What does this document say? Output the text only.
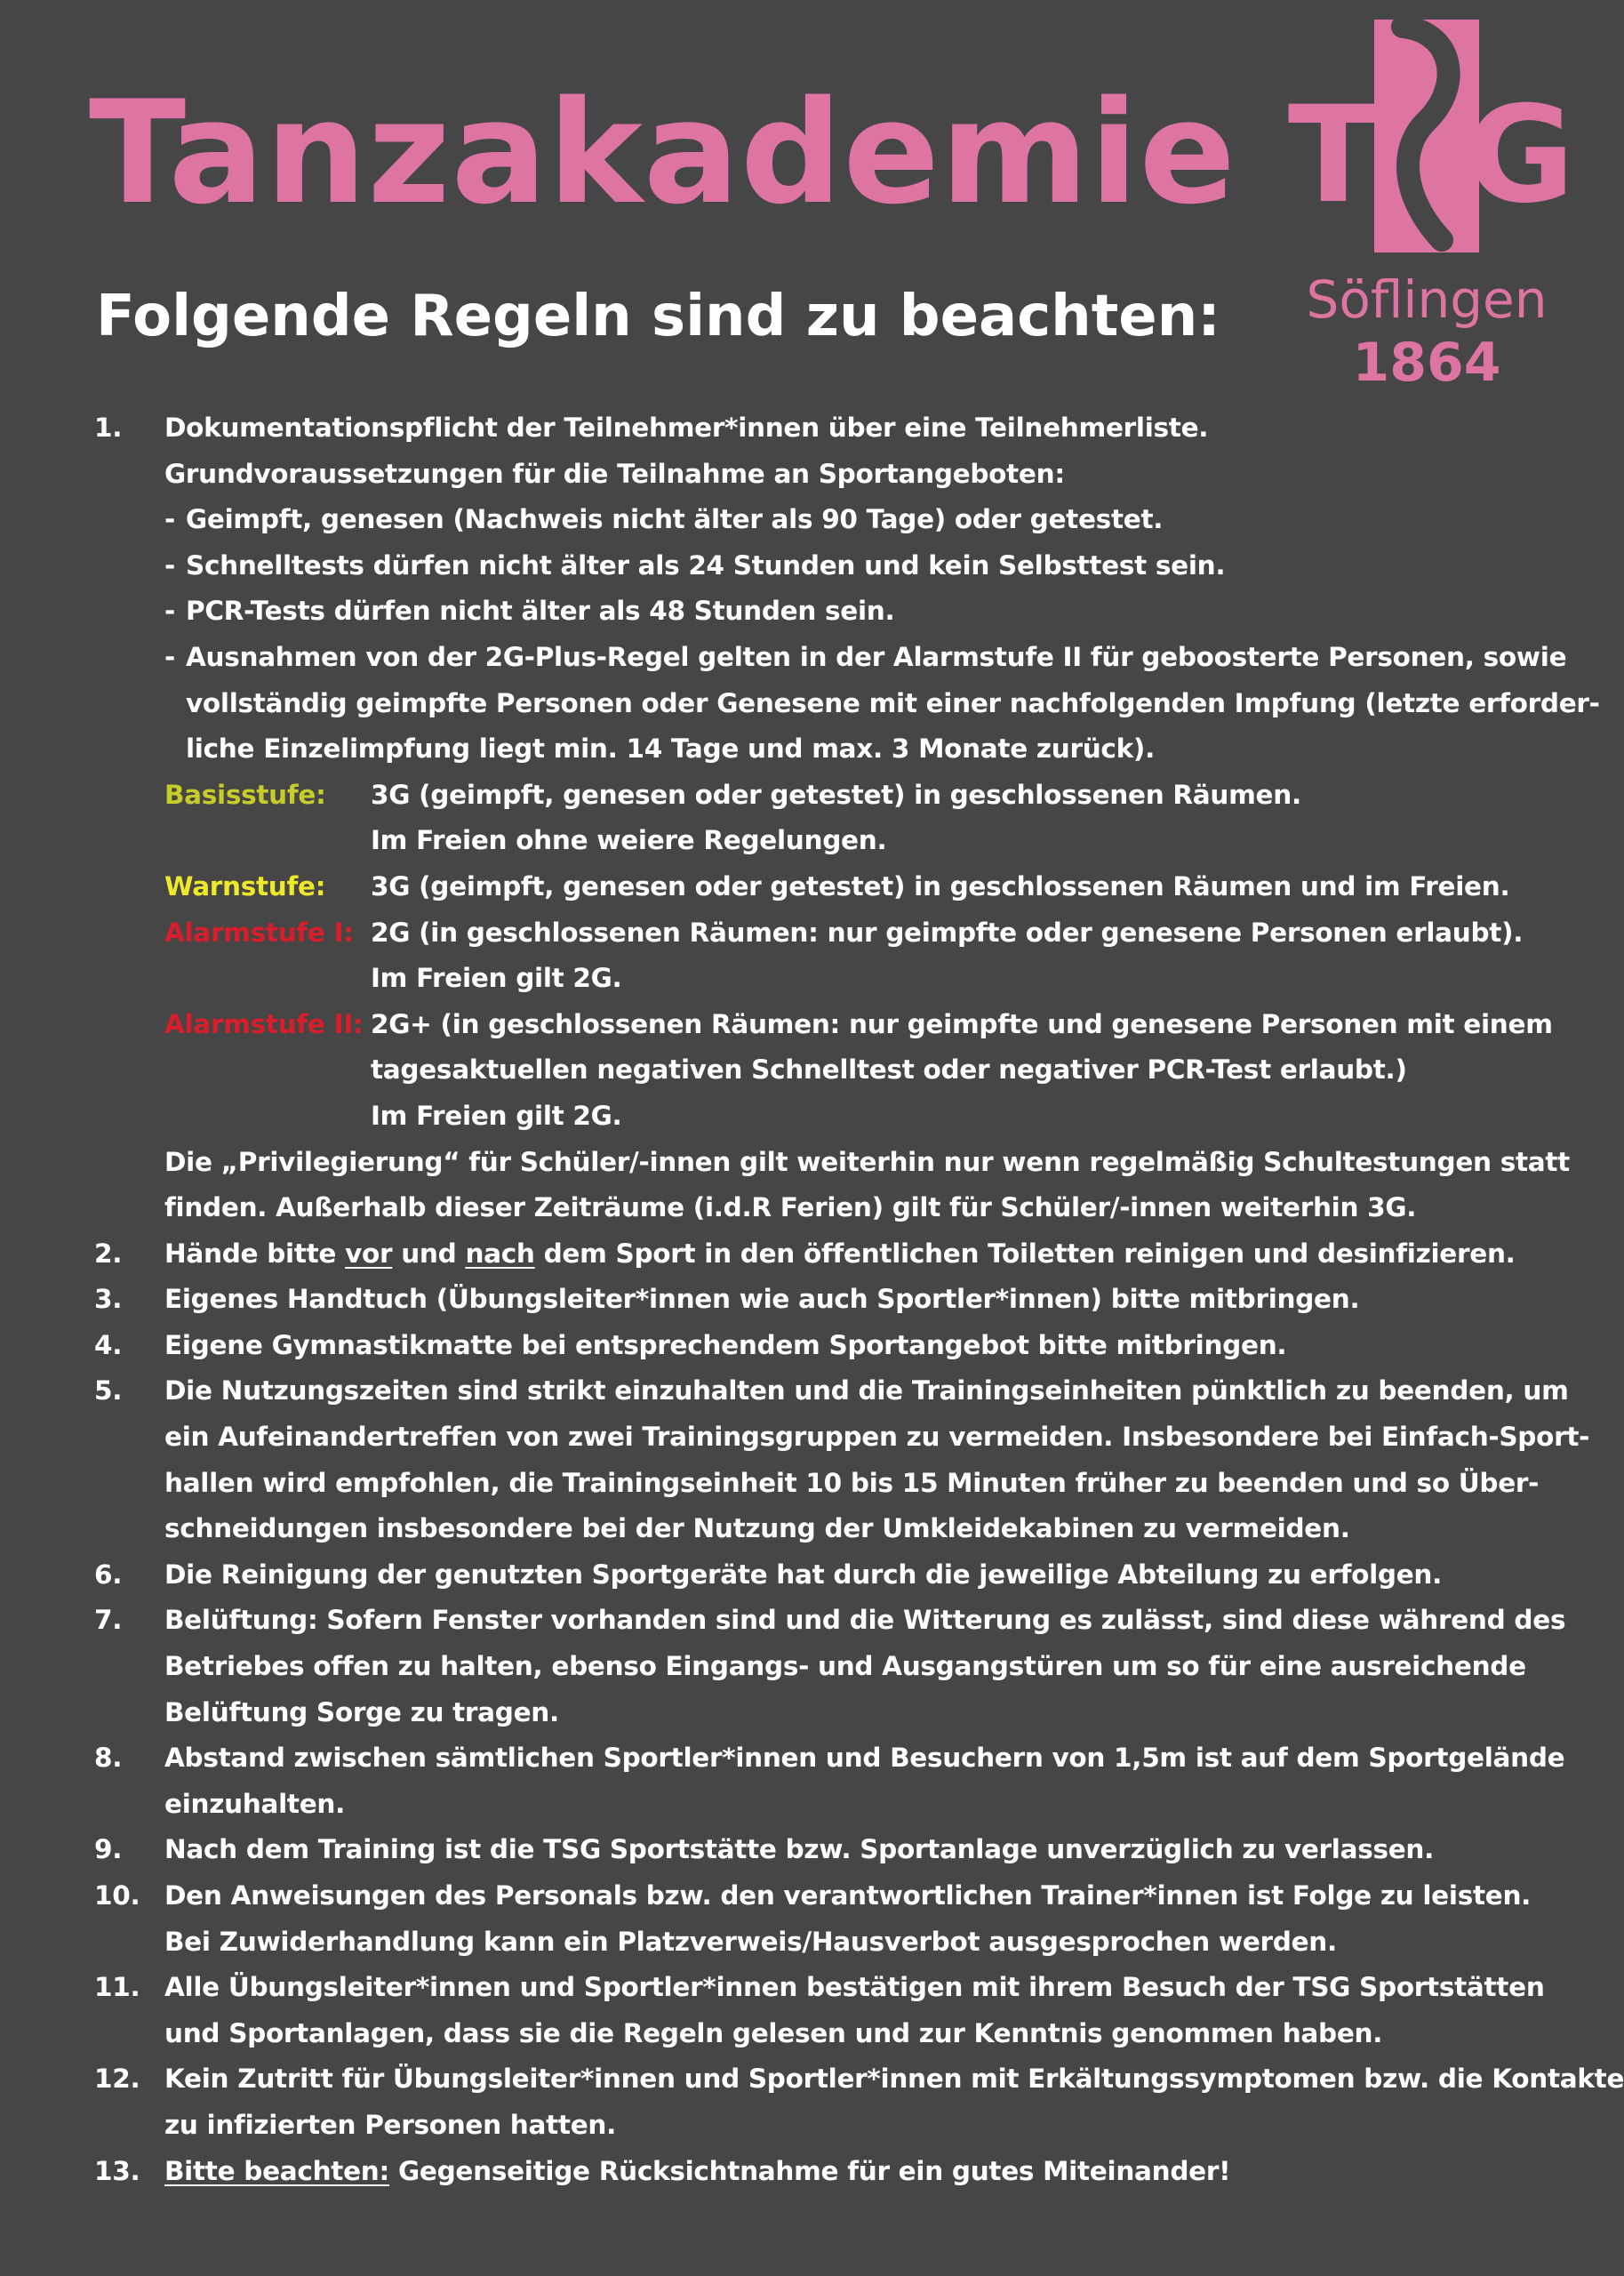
Tanzakademie
Folgende Regeln sind zu beachten:
T G
Söflingen
1864
1.	Dokumentationspflicht der Teilnehmer*innen über eine Teilnehmerliste.
Grundvoraussetzungen für die Teilnahme an Sportangeboten:
- Geimpft, genesen (Nachweis nicht älter als 90 Tage) oder getestet.
- Schnelltests dürfen nicht älter als 24 Stunden und kein Selbsttest sein.
- PCR-Tests dürfen nicht älter als 48 Stunden sein.
- Ausnahmen von der 2G-Plus-Regel gelten in der Alarmstufe II für geboosterte Personen, sowie
vollständig geimpfte Personen oder Genesene mit einer nachfolgenden Impfung (letzte erforder-
liche Einzelimpfung liegt min. 14 Tage und max. 3 Monate zurück).
Basisstufe:	3G (geimpft, genesen oder getestet) in geschlossenen Räumen.
Im Freien ohne weiere Regelungen.
Warnstufe:	3G (geimpft, genesen oder getestet) in geschlossenen Räumen und im Freien.
Alarmstufe I: 2G (in geschlossenen Räumen: nur geimpfte oder genesene Personen erlaubt).
Im Freien gilt 2G.
Alarmstufe II: 2G+ (in geschlossenen Räumen: nur geimpfte und genesene Personen mit einem
tagesaktuellen negativen Schnelltest oder negativer PCR-Test erlaubt.)
Im Freien gilt 2G.
Die „Privilegierung“ für Schüler/-innen gilt weiterhin nur wenn regelmäßig Schultestungen statt
finden. Außerhalb dieser Zeiträume (i.d.R Ferien) gilt für Schüler/-innen weiterhin 3G.
2.	Hände bitte vor und nach dem Sport in den öffentlichen Toiletten reinigen und desinfizieren.
3.	Eigenes Handtuch (Übungsleiter*innen wie auch Sportler*innen) bitte mitbringen.
4.	Eigene Gymnastikmatte bei entsprechendem Sportangebot bitte mitbringen.
5.	Die Nutzungszeiten sind strikt einzuhalten und die Trainingseinheiten pünktlich zu beenden, um
ein Aufeinandertreffen von zwei Trainingsgruppen zu vermeiden. Insbesondere bei Einfach-Sport-
hallen wird empfohlen, die Trainingseinheit 10 bis 15 Minuten früher zu beenden und so Über-
schneidungen insbesondere bei der Nutzung der Umkleidekabinen zu vermeiden.
6.	Die Reinigung der genutzten Sportgeräte hat durch die jeweilige Abteilung zu erfolgen.
7.	Belüftung: Sofern Fenster vorhanden sind und die Witterung es zulässt, sind diese während des
Betriebes offen zu halten, ebenso Eingangs- und Ausgangstüren um so für eine ausreichende
Belüftung Sorge zu tragen.
8.	Abstand zwischen sämtlichen Sportler*innen und Besuchern von 1,5m ist auf dem Sportgelände
einzuhalten.
9.	Nach dem Training ist die TSG Sportstätte bzw. Sportanlage unverzüglich zu verlassen.
10. Den Anweisungen des Personals bzw. den verantwortlichen Trainer*innen ist Folge zu leisten.
Bei Zuwiderhandlung kann ein Platzverweis/Hausverbot ausgesprochen werden.
11. Alle Übungsleiter*innen und Sportler*innen bestätigen mit ihrem Besuch der TSG Sportstätten
und Sportanlagen, dass sie die Regeln gelesen und zur Kenntnis genommen haben.
12. Kein Zutritt für Übungsleiter*innen und Sportler*innen mit Erkältungssymptomen bzw. die Kontakte
zu infizierten Personen hatten.
13. Bitte beachten: Gegenseitige Rücksichtnahme für ein gutes Miteinander!
